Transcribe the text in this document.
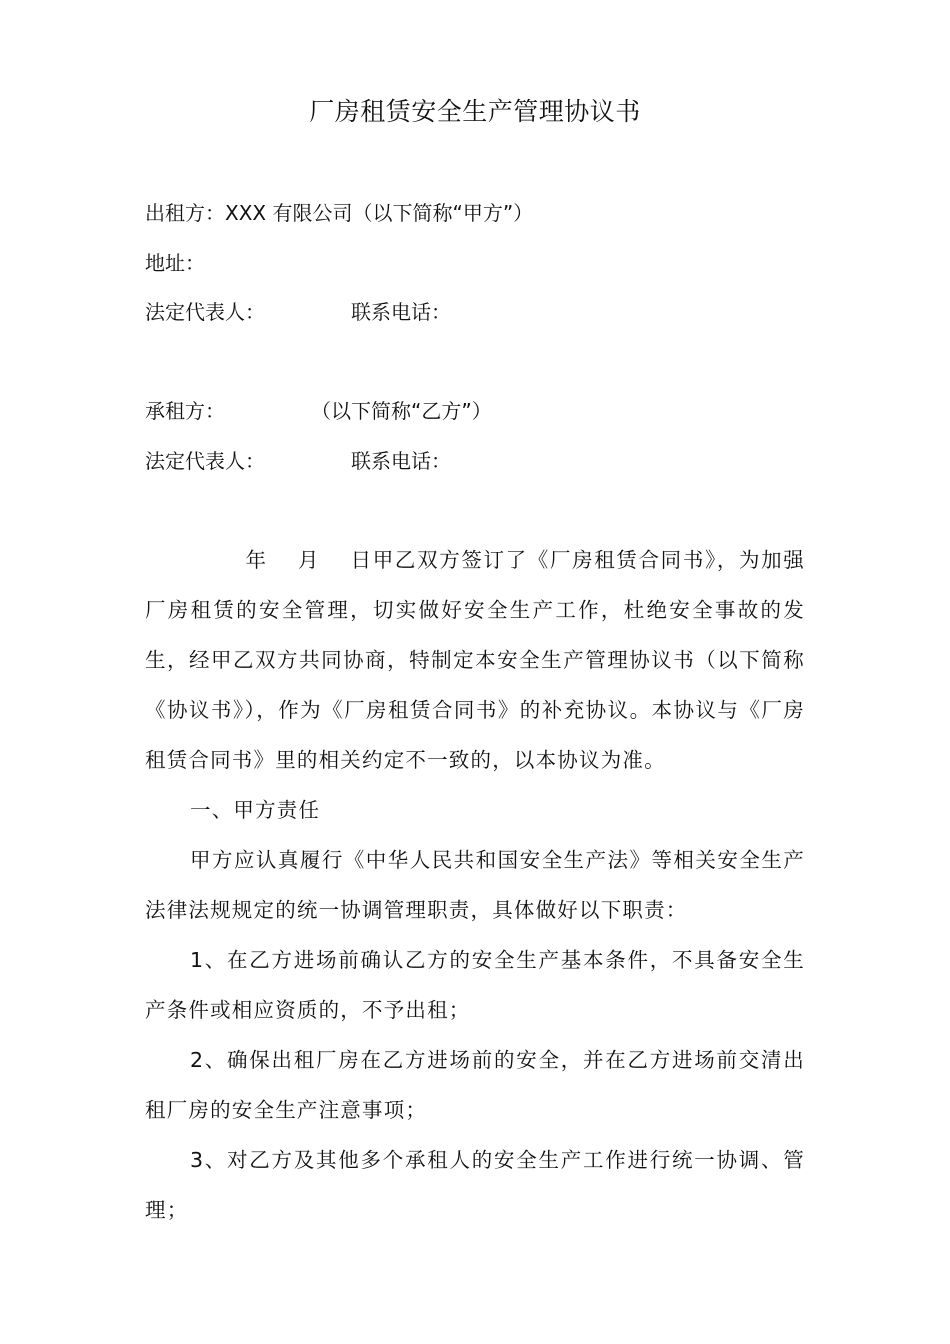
厂房租赁安全生产管理协议书
出租方：XXX 有限公司（以下简称“甲方”）
地址：
法定代表人：	联系电话：
承租方：	（以下简称“乙方”）
法定代表人：	联系电话：
年 月 日甲乙双方签订了《厂房租赁合同书》，为加强厂房租赁的安全管理，切实做好安全生产工作，杜绝安全事故的发生，经甲乙双方共同协商，特制定本安全生产管理协议书（以下简称《协议书》），作为《厂房租赁合同书》的补充协议。本协议与《厂房租赁合同书》里的相关约定不一致的，以本协议为准。
一、甲方责任
甲方应认真履行《中华人民共和国安全生产法》等相关安全生产法律法规规定的统一协调管理职责，具体做好以下职责：
1、在乙方进场前确认乙方的安全生产基本条件，不具备安全生产条件或相应资质的，不予出租；
2、确保出租厂房在乙方进场前的安全，并在乙方进场前交清出租厂房的安全生产注意事项；
3、对乙方及其他多个承租人的安全生产工作进行统一协调、管理；
